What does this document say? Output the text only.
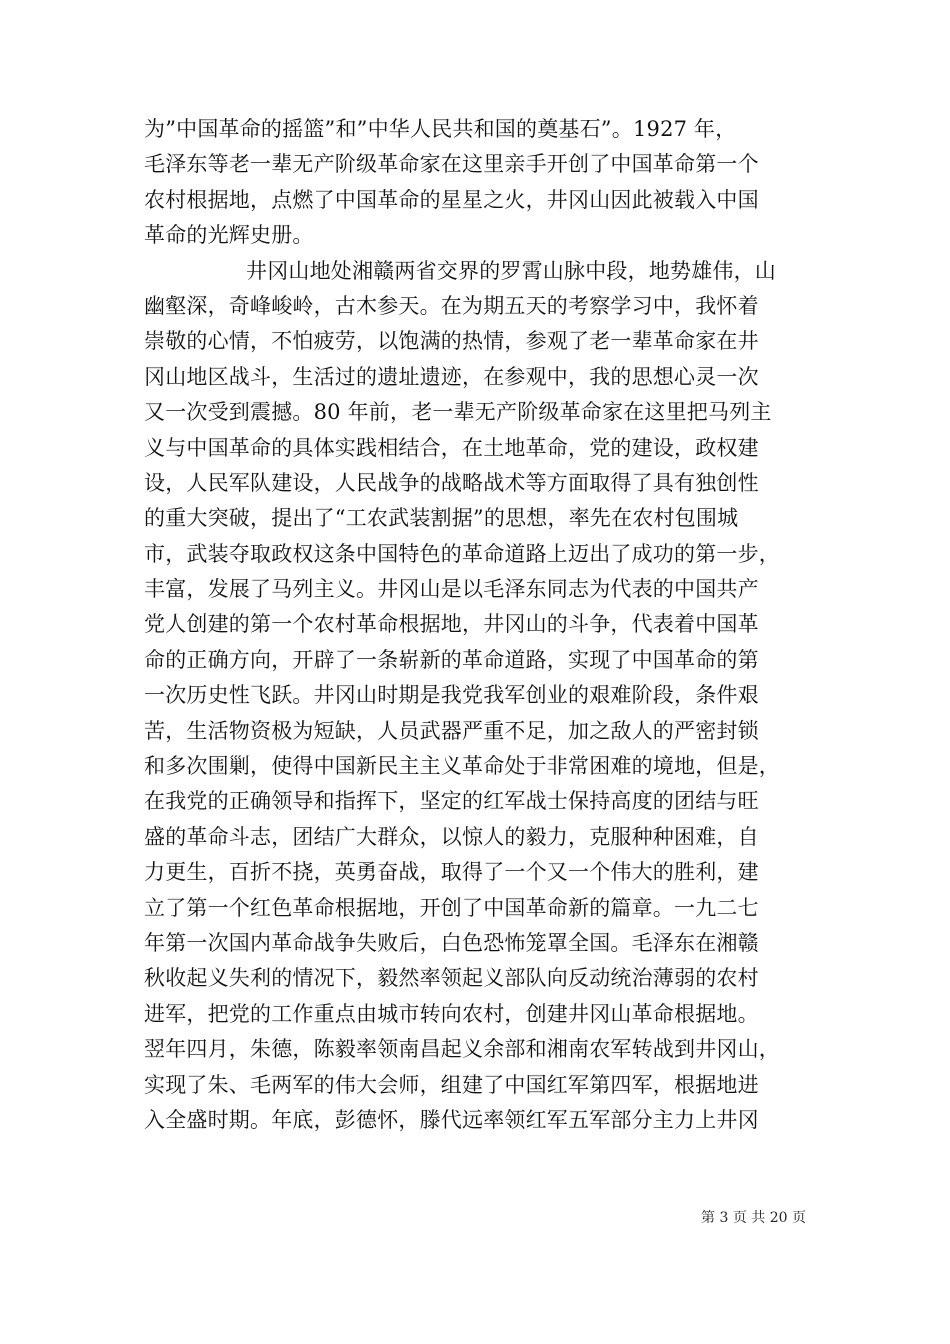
为”中国革命的摇篮”和”中华人民共和国的奠基石”。1927 年，
毛泽东等老一辈无产阶级革命家在这里亲手开创了中国革命第一个
农村根据地，点燃了中国革命的星星之火，井冈山因此被载入中国
革命的光辉史册。
井冈山地处湘赣两省交界的罗霄山脉中段，地势雄伟，山
幽壑深，奇峰峻岭，古木参天。在为期五天的考察学习中，我怀着
崇敬的心情，不怕疲劳，以饱满的热情，参观了老一辈革命家在井
冈山地区战斗，生活过的遗址遗迹，在参观中，我的思想心灵一次
又一次受到震撼。80 年前，老一辈无产阶级革命家在这里把马列主
义与中国革命的具体实践相结合，在土地革命，党的建设，政权建
设，人民军队建设，人民战争的战略战术等方面取得了具有独创性
的重大突破，提出了“工农武装割据”的思想，率先在农村包围城
市，武装夺取政权这条中国特色的革命道路上迈出了成功的第一步，
丰富，发展了马列主义。井冈山是以毛泽东同志为代表的中国共产
党人创建的第一个农村革命根据地，井冈山的斗争，代表着中国革
命的正确方向，开辟了一条崭新的革命道路，实现了中国革命的第
一次历史性飞跃。井冈山时期是我党我军创业的艰难阶段，条件艰
苦，生活物资极为短缺，人员武器严重不足，加之敌人的严密封锁
和多次围剿，使得中国新民主主义革命处于非常困难的境地，但是，
在我党的正确领导和指挥下，坚定的红军战士保持高度的团结与旺
盛的革命斗志，团结广大群众，以惊人的毅力，克服种种困难，自
力更生，百折不挠，英勇奋战，取得了一个又一个伟大的胜利，建
立了第一个红色革命根据地，开创了中国革命新的篇章。一九二七
年第一次国内革命战争失败后，白色恐怖笼罩全国。毛泽东在湘赣
秋收起义失利的情况下，毅然率领起义部队向反动统治薄弱的农村
进军，把党的工作重点由城市转向农村，创建井冈山革命根据地。
翌年四月，朱德，陈毅率领南昌起义余部和湘南农军转战到井冈山，
实现了朱、毛两军的伟大会师，组建了中国红军第四军，根据地进
入全盛时期。年底，彭德怀，滕代远率领红军五军部分主力上井冈
第 3 页 共 20 页
